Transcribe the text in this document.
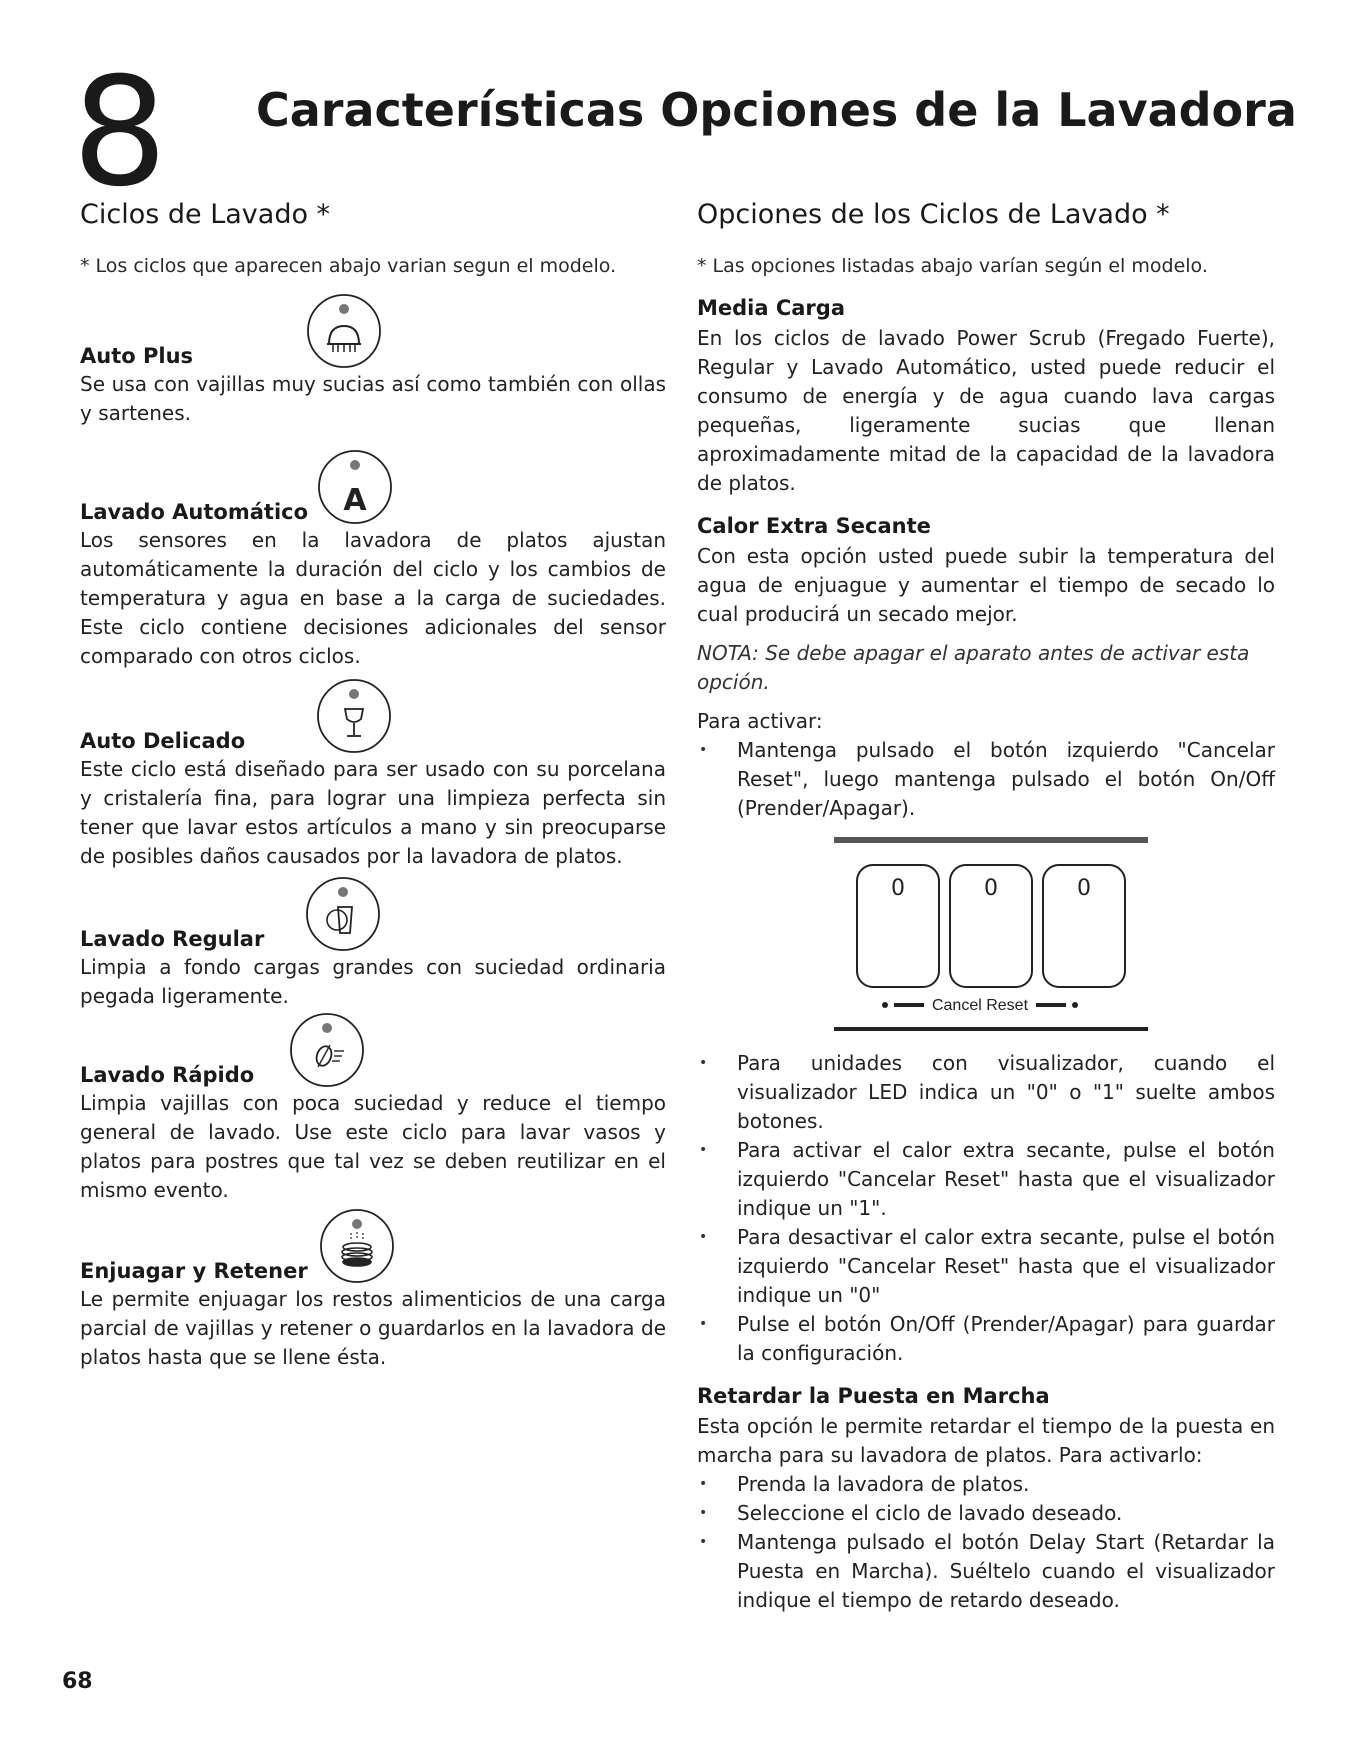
8 Características Opciones de la Lavadora
Ciclos de Lavado *

* Los ciclos que aparecen abajo varian segun el modelo.

Auto Plus

Se usa con vajillas muy sucias así como también con ollas y sartenes.

Lavado Automático A

Los sensores en la lavadora de platos ajustan automáticamente la duración del ciclo y los cambios de temperatura y agua en base a la carga de suciedades. Este ciclo contiene decisiones adicionales del sensor comparado con otros ciclos.

Auto Delicado

Este ciclo está diseñado para ser usado con su porcelana y cristalería fina, para lograr una limpieza perfecta sin tener que lavar estos artículos a mano y sin preocuparse de posibles daños causados por la lavadora de platos.

Lavado Regular

Limpia a fondo cargas grandes con suciedad ordinaria pegada ligeramente.

Lavado Rápido

Limpia vajillas con poca suciedad y reduce el tiempo general de lavado. Use este ciclo para lavar vasos y platos para postres que tal vez se deben reutilizar en el mismo evento.

Enjuagar y Retener

Le permite enjuagar los restos alimenticios de una carga parcial de vajillas y retener o guardarlos en la lavadora de platos hasta que se llene ésta.

Opciones de los Ciclos de Lavado *

* Las opciones listadas abajo varían según el modelo.

Media Carga

En los ciclos de lavado Power Scrub (Fregado Fuerte), Regular y Lavado Automático, usted puede reducir el consumo de energía y de agua cuando lava cargas pequeñas, ligeramente sucias que llenan aproximadamente mitad de la capacidad de la lavadora de platos.

Calor Extra Secante

Con esta opción usted puede subir la temperatura del agua de enjuague y aumentar el tiempo de secado lo cual producirá un secado mejor.

NOTA: Se debe apagar el aparato antes de activar esta opción.

Para activar:

• Mantenga pulsado el botón izquierdo "Cancelar Reset", luego mantenga pulsado el botón On/Off (Prender/Apagar).
0	0	0
Cancel Reset
• Para unidades con visualizador, cuando el visualizador LED indica un "0" o "1" suelte ambos botones.
• Para activar el calor extra secante, pulse el botón izquierdo "Cancelar Reset" hasta que el visualizador indique un "1".
• Para desactivar el calor extra secante, pulse el botón izquierdo "Cancelar Reset" hasta que el visualizador indique un "0"
• Pulse el botón On/Off (Prender/Apagar) para guardar la configuración.
Retardar la Puesta en Marcha

Esta opción le permite retardar el tiempo de la puesta en marcha para su lavadora de platos. Para activarlo:

• Prenda la lavadora de platos.
• Seleccione el ciclo de lavado deseado.
• Mantenga pulsado el botón Delay Start (Retardar la Puesta en Marcha). Suéltelo cuando el visualizador indique el tiempo de retardo deseado.
68
